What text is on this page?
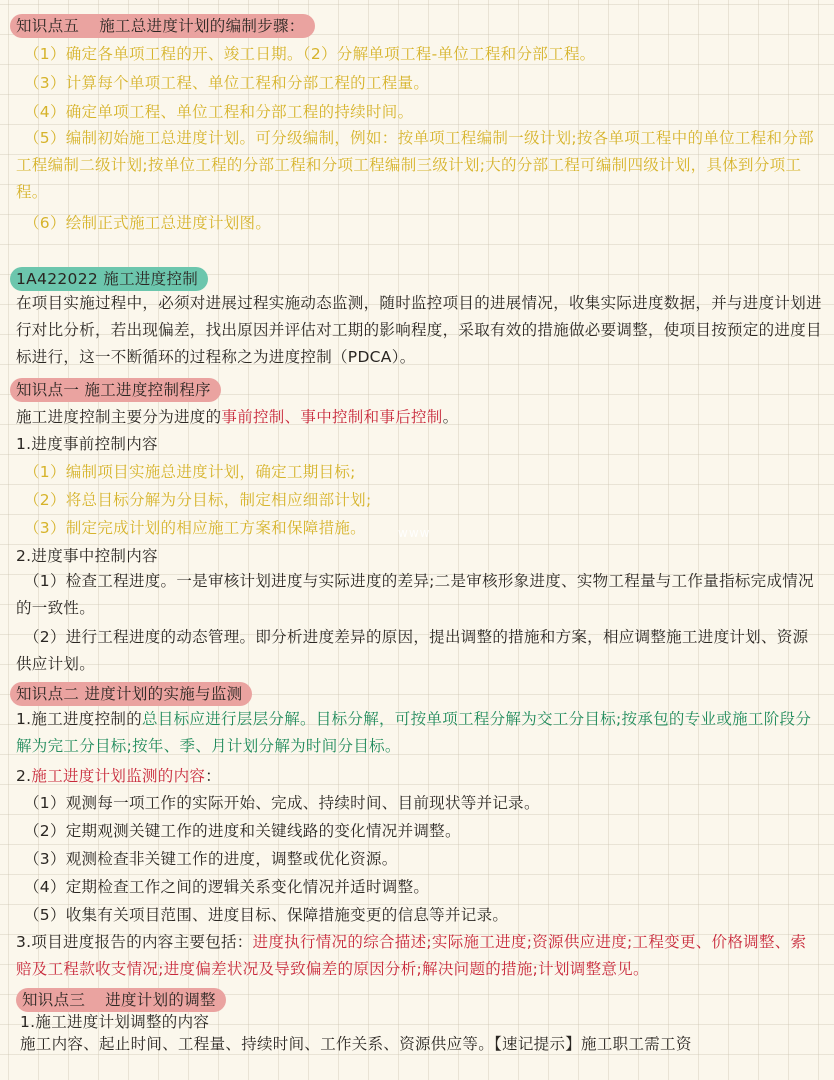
知识点五 施工总进度计划的编制步骤：
（1）确定各单项工程的开、竣工日期。（2）分解单项工程-单位工程和分部工程。
（3）计算每个单项工程、单位工程和分部工程的工程量。
（4）确定单项工程、单位工程和分部工程的持续时间。
（5）编制初始施工总进度计划。可分级编制，例如：按单项工程编制一级计划;按各单项工程中的单位工程和分部工程编制二级计划;按单位工程的分部工程和分项工程编制三级计划;大的分部工程可编制四级计划，具体到分项工程。
（6）绘制正式施工总进度计划图。
1A422022 施工进度控制
在项目实施过程中，必须对进展过程实施动态监测，随时监控项目的进展情况，收集实际进度数据，并与进度计划进行对比分析，若出现偏差，找出原因并评估对工期的影响程度，采取有效的措施做必要调整，使项目按预定的进度目标进行，这一不断循环的过程称之为进度控制（PDCA）。
知识点一 施工进度控制程序
施工进度控制主要分为进度的事前控制、事中控制和事后控制。
1.进度事前控制内容
（1）编制项目实施总进度计划，确定工期目标;
（2）将总目标分解为分目标，制定相应细部计划;
（3）制定完成计划的相应施工方案和保障措施。
2.进度事中控制内容
（1）检查工程进度。一是审核计划进度与实际进度的差异;二是审核形象进度、实物工程量与工作量指标完成情况的一致性。
（2）进行工程进度的动态管理。即分析进度差异的原因，提出调整的措施和方案，相应调整施工进度计划、资源供应计划。
知识点二 进度计划的实施与监测
1.施工进度控制的总目标应进行层层分解。目标分解，可按单项工程分解为交工分目标;按承包的专业或施工阶段分解为完工分目标;按年、季、月计划分解为时间分目标。
2.施工进度计划监测的内容：
（1）观测每一项工作的实际开始、完成、持续时间、目前现状等并记录。
（2）定期观测关键工作的进度和关键线路的变化情况并调整。
（3）观测检查非关键工作的进度，调整或优化资源。
（4）定期检查工作之间的逻辑关系变化情况并适时调整。
（5）收集有关项目范围、进度目标、保障措施变更的信息等并记录。
3.项目进度报告的内容主要包括：进度执行情况的综合描述;实际施工进度;资源供应进度;工程变更、价格调整、索赔及工程款收支情况;进度偏差状况及导致偏差的原因分析;解决问题的措施;计划调整意见。
知识点三 进度计划的调整
1.施工进度计划调整的内容
施工内容、起止时间、工程量、持续时间、工作关系、资源供应等。【速记提示】施工职工需工资
www
